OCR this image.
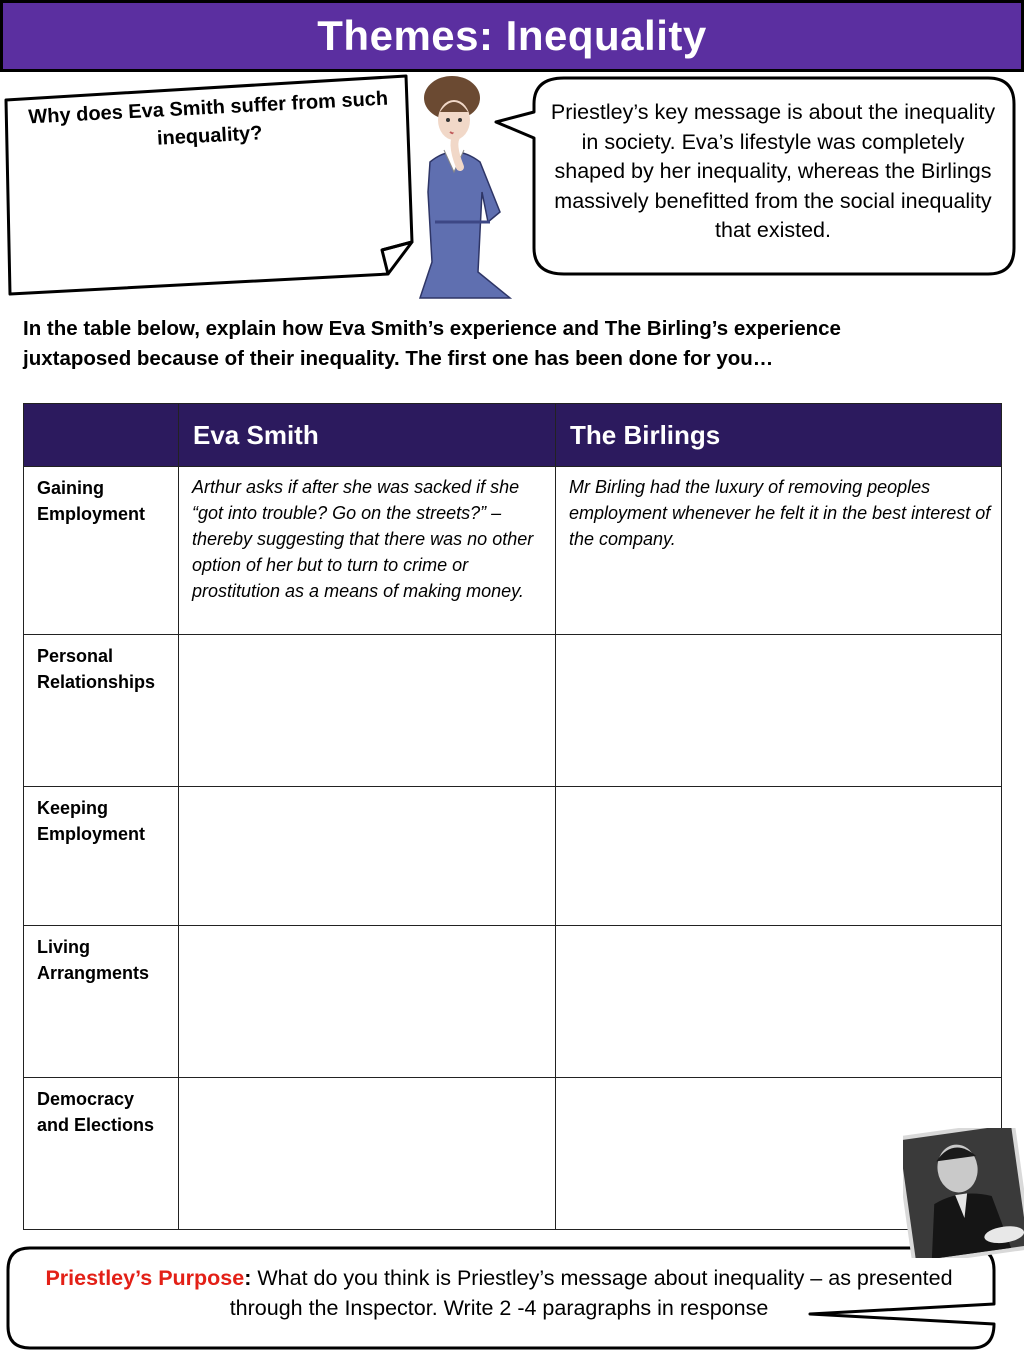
Themes: Inequality
Why does Eva Smith suffer from such inequality?
Priestley’s key message is about the inequality in society. Eva’s lifestyle was completely shaped by her inequality, whereas the Birlings massively benefitted from the social inequality that existed.
In the table below, explain how Eva Smith’s experience and The Birling’s experience juxtaposed because of their inequality. The first one has been done for you…
	Eva Smith	The Birlings
Gaining Employment	Arthur asks if after she was sacked if she “got into trouble? Go on the streets?” – thereby suggesting that there was no other option of her but to turn to crime or prostitution as a means of making money.	Mr Birling had the luxury of removing peoples employment whenever he felt it in the best interest of the company.
Personal Relationships		
Keeping Employment		
Living Arrangments		
Democracy and Elections		
Priestley’s Purpose: What do you think is Priestley’s message about inequality – as presented through the Inspector. Write 2 -4 paragraphs in response
